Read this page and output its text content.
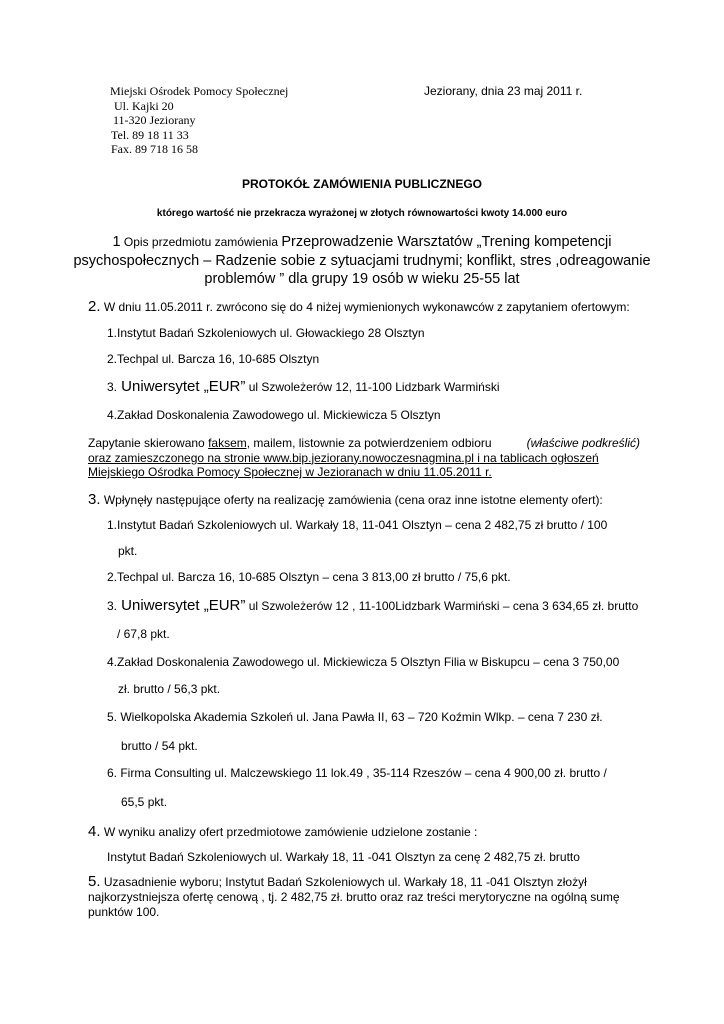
Miejski Ośrodek Pomocy Społecznej
Ul. Kajki 20
11-320 Jeziorany
Tel. 89 18 11 33
Fax. 89 718 16 58
Jeziorany, dnia 23 maj 2011 r.
PROTOKÓŁ ZAMÓWIENIA PUBLICZNEGO
którego wartość nie przekracza wyrażonej w złotych równowartości kwoty 14.000 euro
1 Opis przedmiotu zamówienia Przeprowadzenie Warsztatów „Trening kompetencji
psychospołecznych – Radzenie sobie z sytuacjami trudnymi; konflikt, stres ,odreagowanie
problemów ” dla grupy 19 osób w wieku 25-55 lat
2. W dniu 11.05.2011 r. zwrócono się do 4 niżej wymienionych wykonawców z zapytaniem ofertowym:
1.Instytut Badań Szkoleniowych ul. Głowackiego 28 Olsztyn
2.Techpal ul. Barcza 16, 10-685 Olsztyn
3. Uniwersytet „EUR” ul Szwoleżerów 12, 11-100 Lidzbark Warmiński
4.Zakład Doskonalenia Zawodowego ul. Mickiewicza 5 Olsztyn
Zapytanie skierowano faksem, mailem, listownie za potwierdzeniem odbioru	(właściwe podkreślić)
oraz zamieszczonego na stronie www.bip.jeziorany.nowoczesnagmina.pl i na tablicach ogłoszeń
Miejskiego Ośrodka Pomocy Społecznej w Jezioranach w dniu 11.05.2011 r.
3. Wpłynęły następujące oferty na realizację zamówienia (cena oraz inne istotne elementy ofert):
1.Instytut Badań Szkoleniowych ul. Warkały 18, 11-041 Olsztyn – cena 2 482,75 zł brutto / 100
pkt.
2.Techpal ul. Barcza 16, 10-685 Olsztyn – cena 3 813,00 zł brutto / 75,6 pkt.
3. Uniwersytet „EUR” ul Szwoleżerów 12 , 11-100Lidzbark Warmiński – cena 3 634,65 zł. brutto
/ 67,8 pkt.
4.Zakład Doskonalenia Zawodowego ul. Mickiewicza 5 Olsztyn Filia w Biskupcu – cena 3 750,00
zł. brutto / 56,3 pkt.
5. Wielkopolska Akademia Szkoleń ul. Jana Pawła II, 63 – 720 Koźmin Wlkp. – cena 7 230 zł.
brutto / 54 pkt.
6. Firma Consulting ul. Malczewskiego 11 lok.49 , 35-114 Rzeszów – cena 4 900,00 zł. brutto /
65,5 pkt.
4. W wyniku analizy ofert przedmiotowe zamówienie udzielone zostanie :
Instytut Badań Szkoleniowych ul. Warkały 18, 11 -041 Olsztyn za cenę 2 482,75 zł. brutto
5. Uzasadnienie wyboru; Instytut Badań Szkoleniowych ul. Warkały 18, 11 -041 Olsztyn złożył
najkorzystniejsza ofertę cenową , tj. 2 482,75 zł. brutto oraz raz treści merytoryczne na ogólną sumę
punktów 100.
